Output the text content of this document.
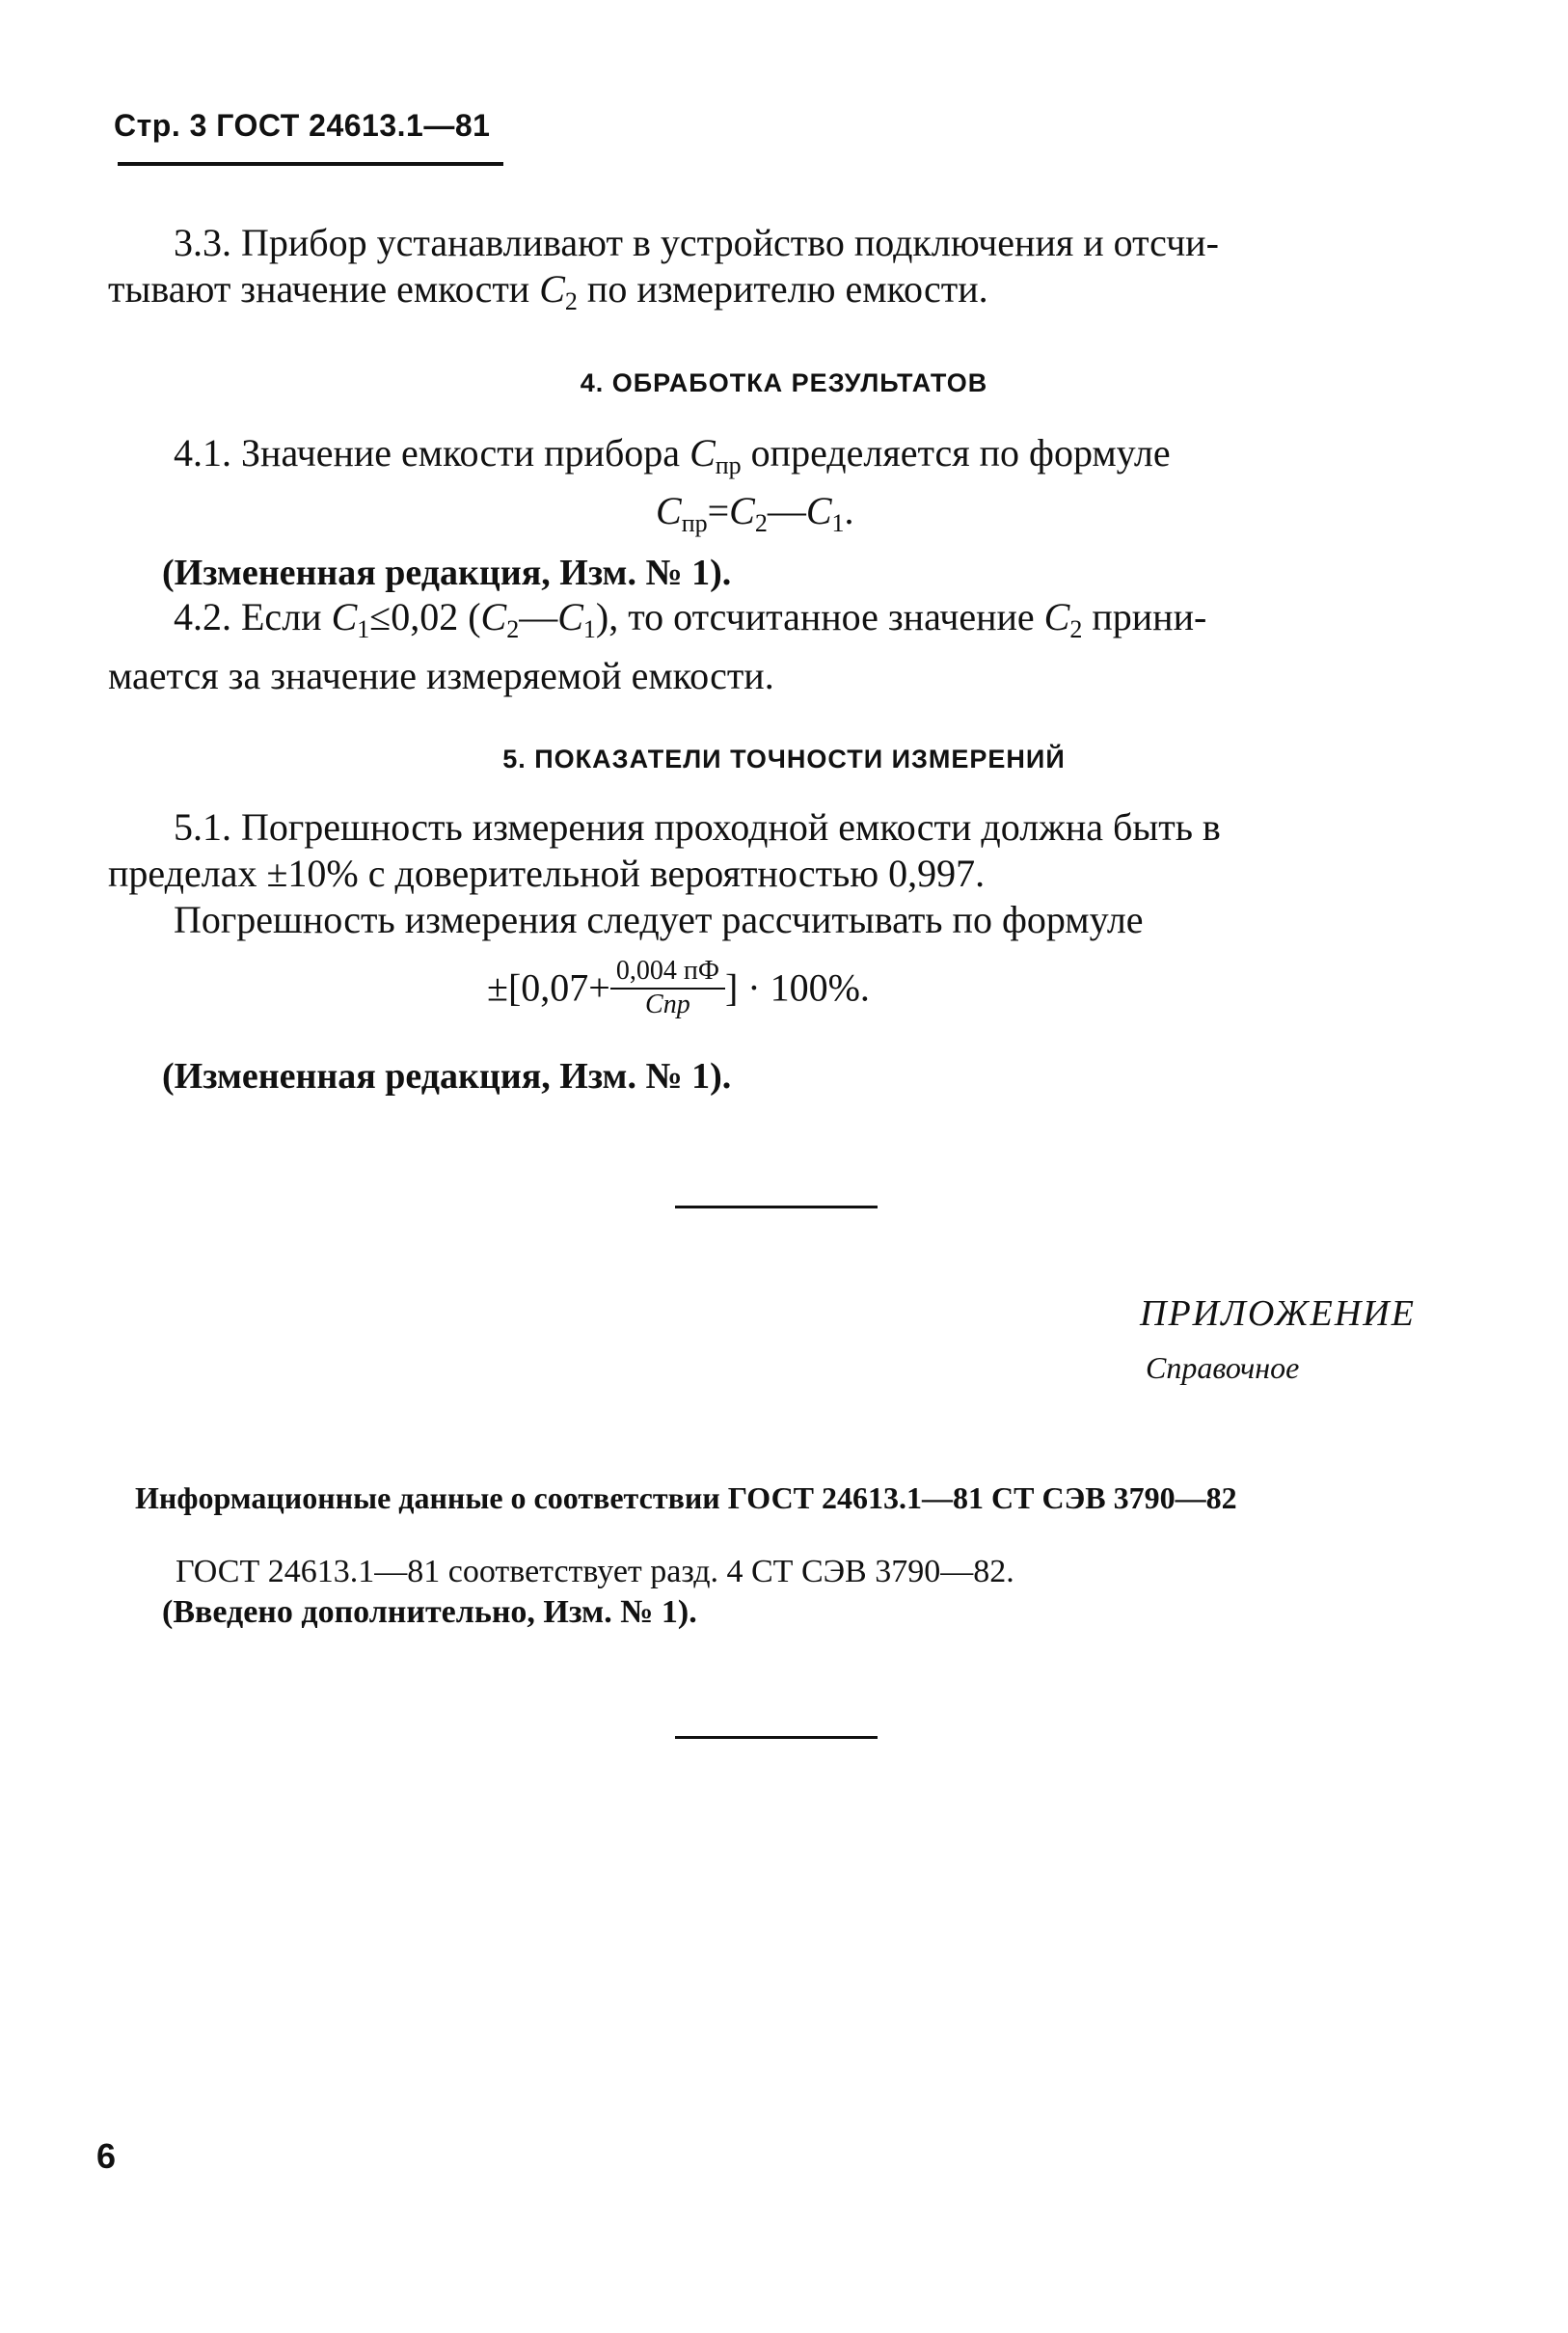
Стр. 3 ГОСТ 24613.1—81
3.3. Прибор устанавливают в устройство подключения и отсчи-
тывают значение емкости $C_2$ по измерителю емкости.
4. ОБРАБОТКА РЕЗУЛЬТАТОВ
4.1. Значение емкости прибора $C_{пр}$ определяется по формуле
$C_{пр}=C_2—C_1$.
(Измененная редакция, Изм. № 1).
4.2. Если $C_1\le 0,02$ $(C_2—C_1)$, то отсчитанное значение $C_2$ прини-
мается за значение измеряемой емкости.
5. ПОКАЗАТЕЛИ ТОЧНОСТИ ИЗМЕРЕНИЙ
5.1. Погрешность измерения проходной емкости должна быть в
пределах ±10% с доверительной вероятностью 0,997.
Погрешность измерения следует рассчитывать по формуле
$\pm[0,07+ \frac{0,004 пФ}{\text{Cпр}}$ ] · 100%.
(Измененная редакция, Изм. № 1).
ПРИЛОЖЕНИЕ
Справочное
Информационные данные о соответствии ГОСТ 24613.1—81 СТ СЭВ 3790—82
ГОСТ 24613.1—81 соответствует разд. 4 СТ СЭВ 3790—82.
(Введено дополнительно, Изм. № 1).
6
